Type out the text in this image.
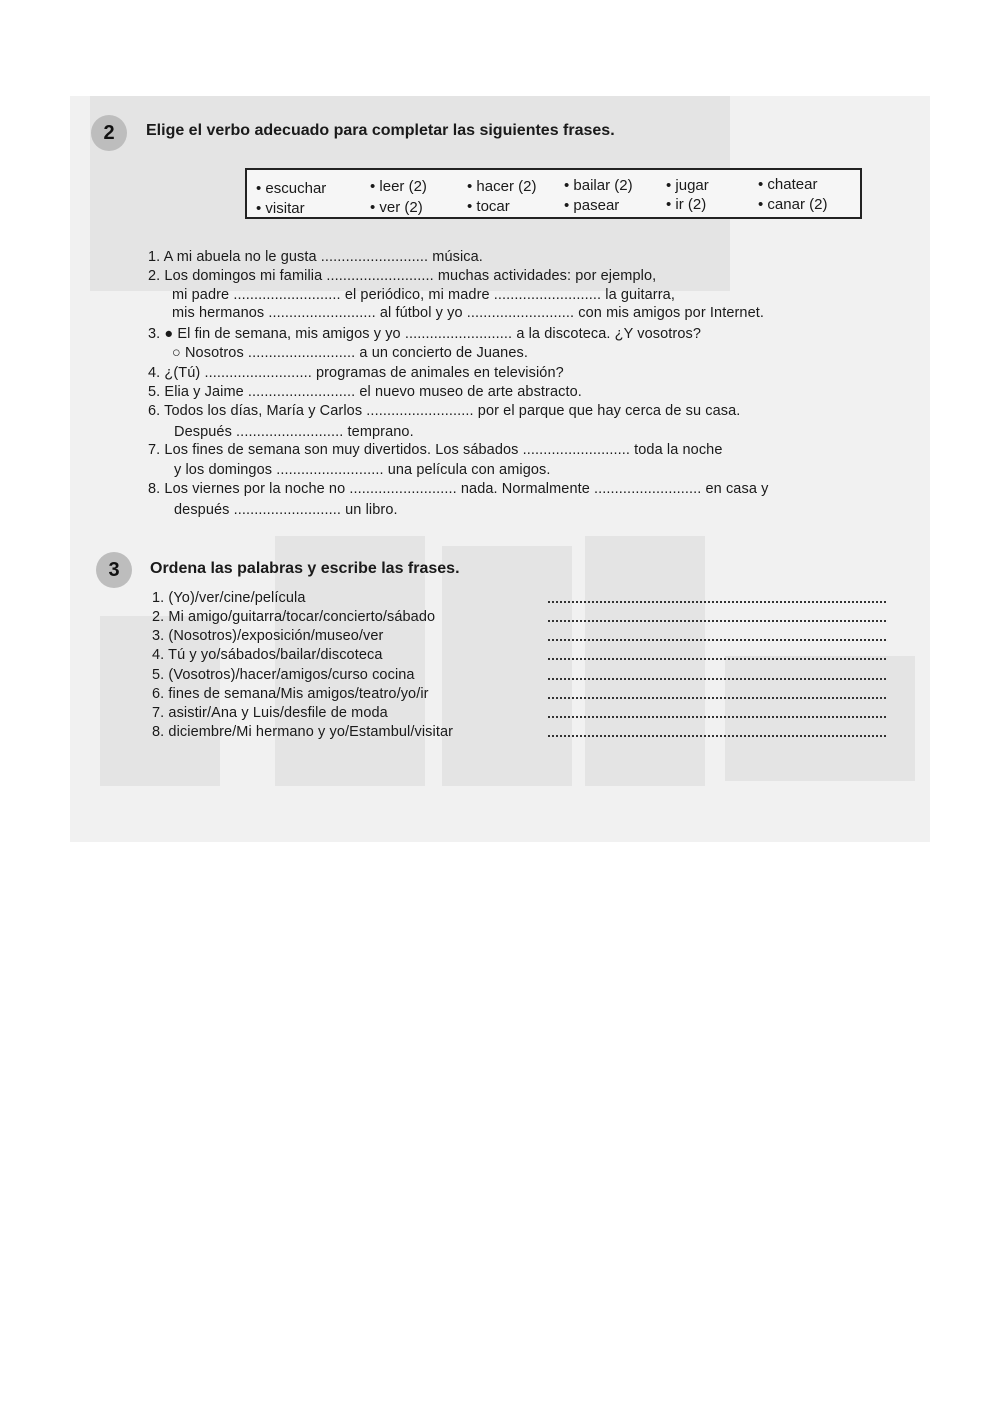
2	Elige el verbo adecuado para completar las siguientes frases.
• escuchar	• leer (2)	• hacer (2) • bailar (2) • jugar	• chatear
• visitar	• ver (2)	• tocar	• pasear	• ir (2)	• canar (2)
1. A mi abuela no le gusta .......................... música.
2. Los domingos mi familia .......................... muchas actividades: por ejemplo,
mi padre .......................... el periódico, mi madre .......................... la guitarra,
mis hermanos .......................... al fútbol y yo .......................... con mis amigos por Internet.
3. ● El fin de semana, mis amigos y yo .......................... a la discoteca. ¿Y vosotros?
○ Nosotros .......................... a un concierto de Juanes.
4. ¿(Tú) .......................... programas de animales en televisión?
5. Elia y Jaime .......................... el nuevo museo de arte abstracto.
6. Todos los días, María y Carlos .......................... por el parque que hay cerca de su casa.
Después .......................... temprano.
7. Los fines de semana son muy divertidos. Los sábados .......................... toda la noche
y los domingos .......................... una película con amigos.
8. Los viernes por la noche no .......................... nada. Normalmente .......................... en casa y
después .......................... un libro.
3	Ordena las palabras y escribe las frases.
1. (Yo)/ver/cine/película
2. Mi amigo/guitarra/tocar/concierto/sábado
3. (Nosotros)/exposición/museo/ver
4. Tú y yo/sábados/bailar/discoteca
5. (Vosotros)/hacer/amigos/curso cocina
6. fines de semana/Mis amigos/teatro/yo/ir
7. asistir/Ana y Luis/desfile de moda
8. diciembre/Mi hermano y yo/Estambul/visitar
